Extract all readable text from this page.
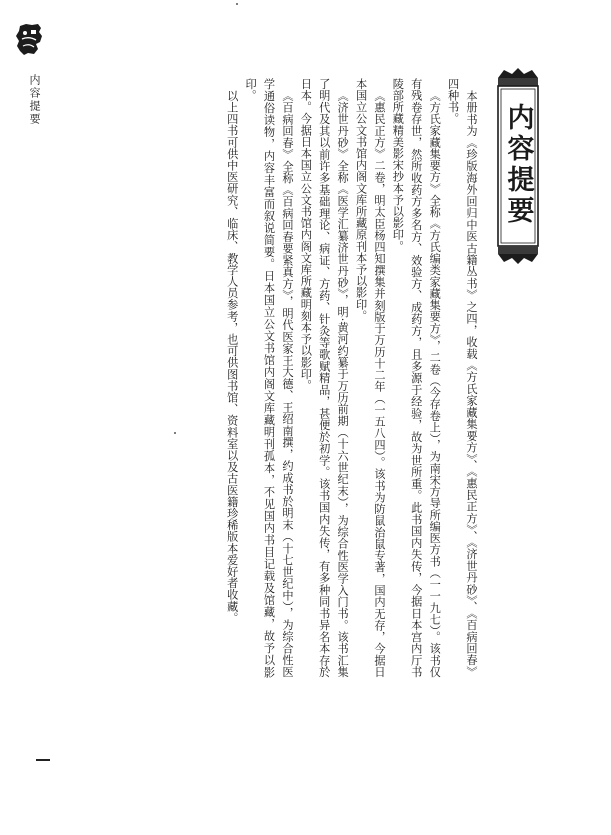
内容提要
内容提要

本册书为《珍版海外回归中医古籍丛书》之四，收载《方氏家藏集要方》、《惠民正方》、《济世丹砂》、《百病回春》四种书。

《方氏家藏集要方》全称《方氏编类家藏集要方》，二卷（今存卷上），为南宋方导所编医方书（一一九七）。该书仅有残卷存世，然所收药方多名方、效验方、成药方，且多源于经验，故为世所重。此书国内失传，今据日本宫内厅书陵部所藏精美影宋抄本予以影印。

《惠民正方》二卷，明太臣杨四知撰集并刻版于万历十二年（一五八四）。该书为防鼠治鼠专著，国内无存，今据日本国立公文书馆内阁文库所藏原刊本予以影印。

《济世丹砂》全称《医学汇纂济世丹砂》，明·黄河约纂于万历前期（十六世纪末），为综合性医学入门书。该书汇集了明代及其以前许多基础理论、病证、方药、针灸等歌赋精品，甚便於初学。该书国内失传，有多种同书异名本存於日本。今据日本国立公文书馆内阁文库所藏明刻本予以影印。

《百病回春》全称《百病回春要紧真方》，明代医家王大德、王绍南撰，约成书於明末（十七世纪中），为综合性医学通俗读物，内容丰富而叙说简要。日本国立公文书馆内阁文库藏明刊孤本，不见国内书目记载及馆藏，故予以影印。

以上四书可供中医研究、临床、教学人员参考，也可供图书馆、资料室以及古医籍珍稀版本爱好者收藏。
